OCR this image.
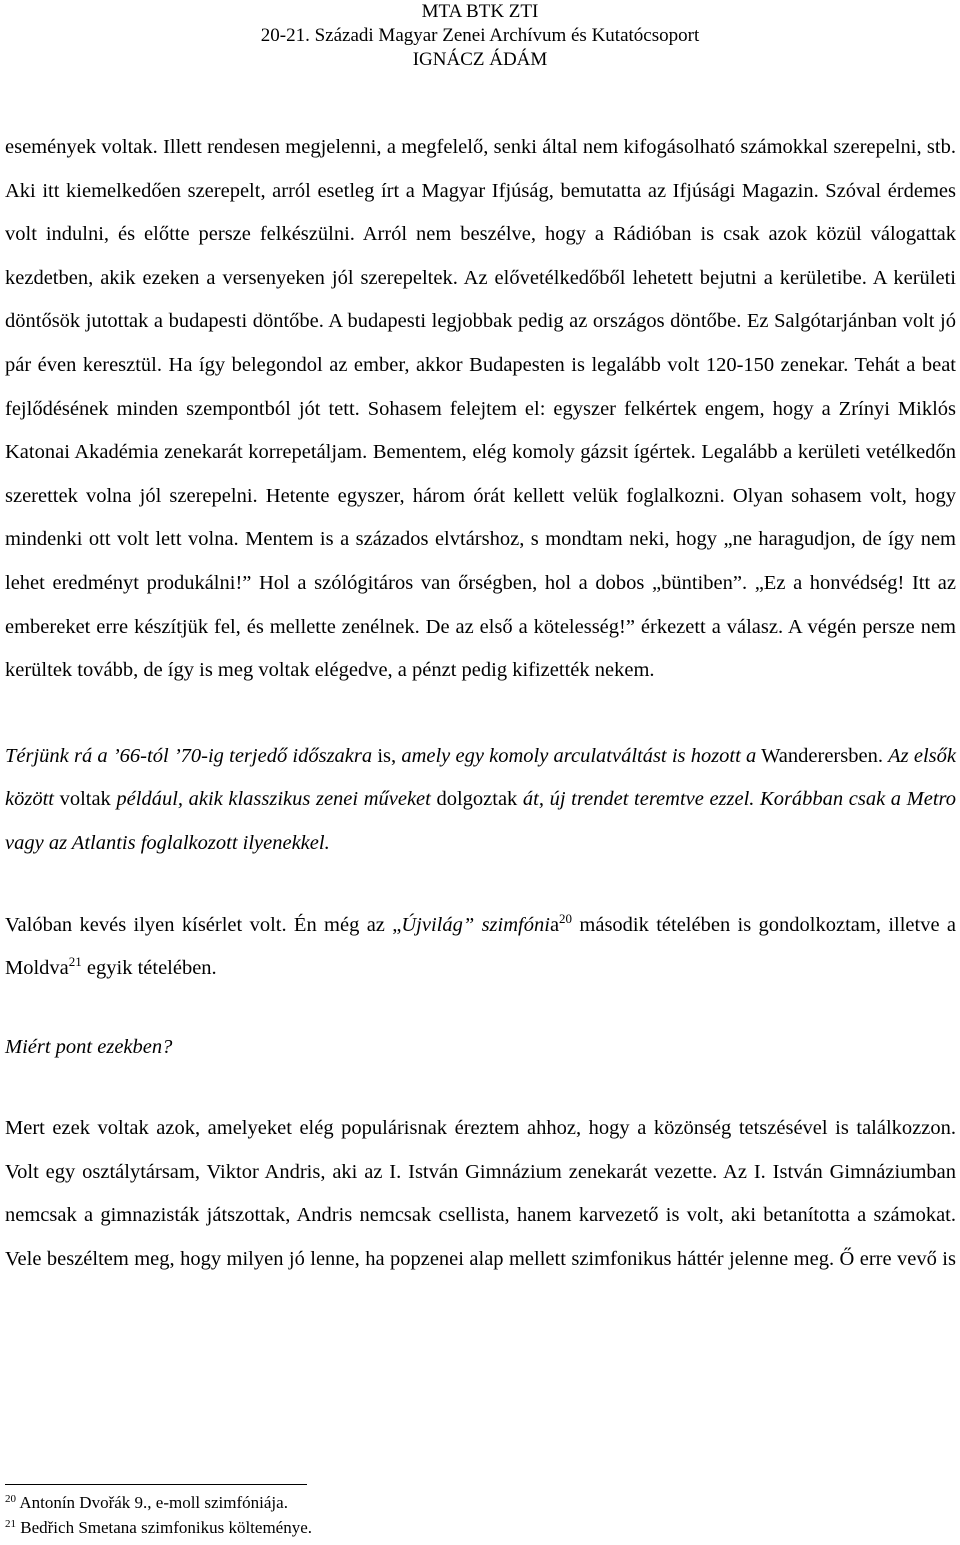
MTA BTK ZTI
20-21. Századi Magyar Zenei Archívum és Kutatócsoport
IGNÁCZ ÁDÁM

események voltak. Illett rendesen megjelenni, a megfelelő, senki által nem kifogásolható számokkal szerepelni, stb. Aki itt kiemelkedően szerepelt, arról esetleg írt a Magyar Ifjúság, bemutatta az Ifjúsági Magazin. Szóval érdemes volt indulni, és előtte persze felkészülni. Arról nem beszélve, hogy a Rádióban is csak azok közül válogattak kezdetben, akik ezeken a versenyeken jól szerepeltek. Az elővetélkedőből lehetett bejutni a kerületibe. A kerületi döntősök jutottak a budapesti döntőbe. A budapesti legjobbak pedig az országos döntőbe. Ez Salgótarjánban volt jó pár éven keresztül. Ha így belegondol az ember, akkor Budapesten is legalább volt 120-150 zenekar. Tehát a beat fejlődésének minden szempontból jót tett. Sohasem felejtem el: egyszer felkértek engem, hogy a Zrínyi Miklós Katonai Akadémia zenekarát korrepetáljam. Bementem, elég komoly gázsit ígértek. Legalább a kerületi vetélkedőn szerettek volna jól szerepelni. Hetente egyszer, három órát kellett velük foglalkozni. Olyan sohasem volt, hogy mindenki ott volt lett volna. Mentem is a százados elvtárshoz, s mondtam neki, hogy „ne haragudjon, de így nem lehet eredményt produkálni!” Hol a szólógitáros van őrségben, hol a dobos „büntiben”. „Ez a honvédség! Itt az embereket erre készítjük fel, és mellette zenélnek. De az első a kötelesség!” érkezett a válasz. A végén persze nem kerültek tovább, de így is meg voltak elégedve, a pénzt pedig kifizették nekem.

Térjünk rá a ’66-tól ’70-ig terjedő időszakra is, amely egy komoly arculatváltást is hozott a Wanderersben. Az elsők között voltak például, akik klasszikus zenei műveket dolgoztak át, új trendet teremtve ezzel. Korábban csak a Metro vagy az Atlantis foglalkozott ilyenekkel.

Valóban kevés ilyen kísérlet volt. Én még az „Újvilág” szimfónia$^{20}$ második tételében is gondolkoztam, illetve a Moldva$^{21}$ egyik tételében.

Miért pont ezekben?

Mert ezek voltak azok, amelyeket elég populárisnak éreztem ahhoz, hogy a közönség tetszésével is találkozzon. Volt egy osztálytársam, Viktor Andris, aki az I. István Gimnázium zenekarát vezette. Az I. István Gimnáziumban nemcsak a gimnazisták játszottak, Andris nemcsak csellista, hanem karvezető is volt, aki betanította a számokat. Vele beszéltem meg, hogy milyen jó lenne, ha popzenei alap mellett szimfonikus háttér jelenne meg. Ő erre vevő is

$^{20}$ Antonín Dvořák 9., e-moll szimfóniája.
$^{21}$ Bedřich Smetana szimfonikus költeménye.
